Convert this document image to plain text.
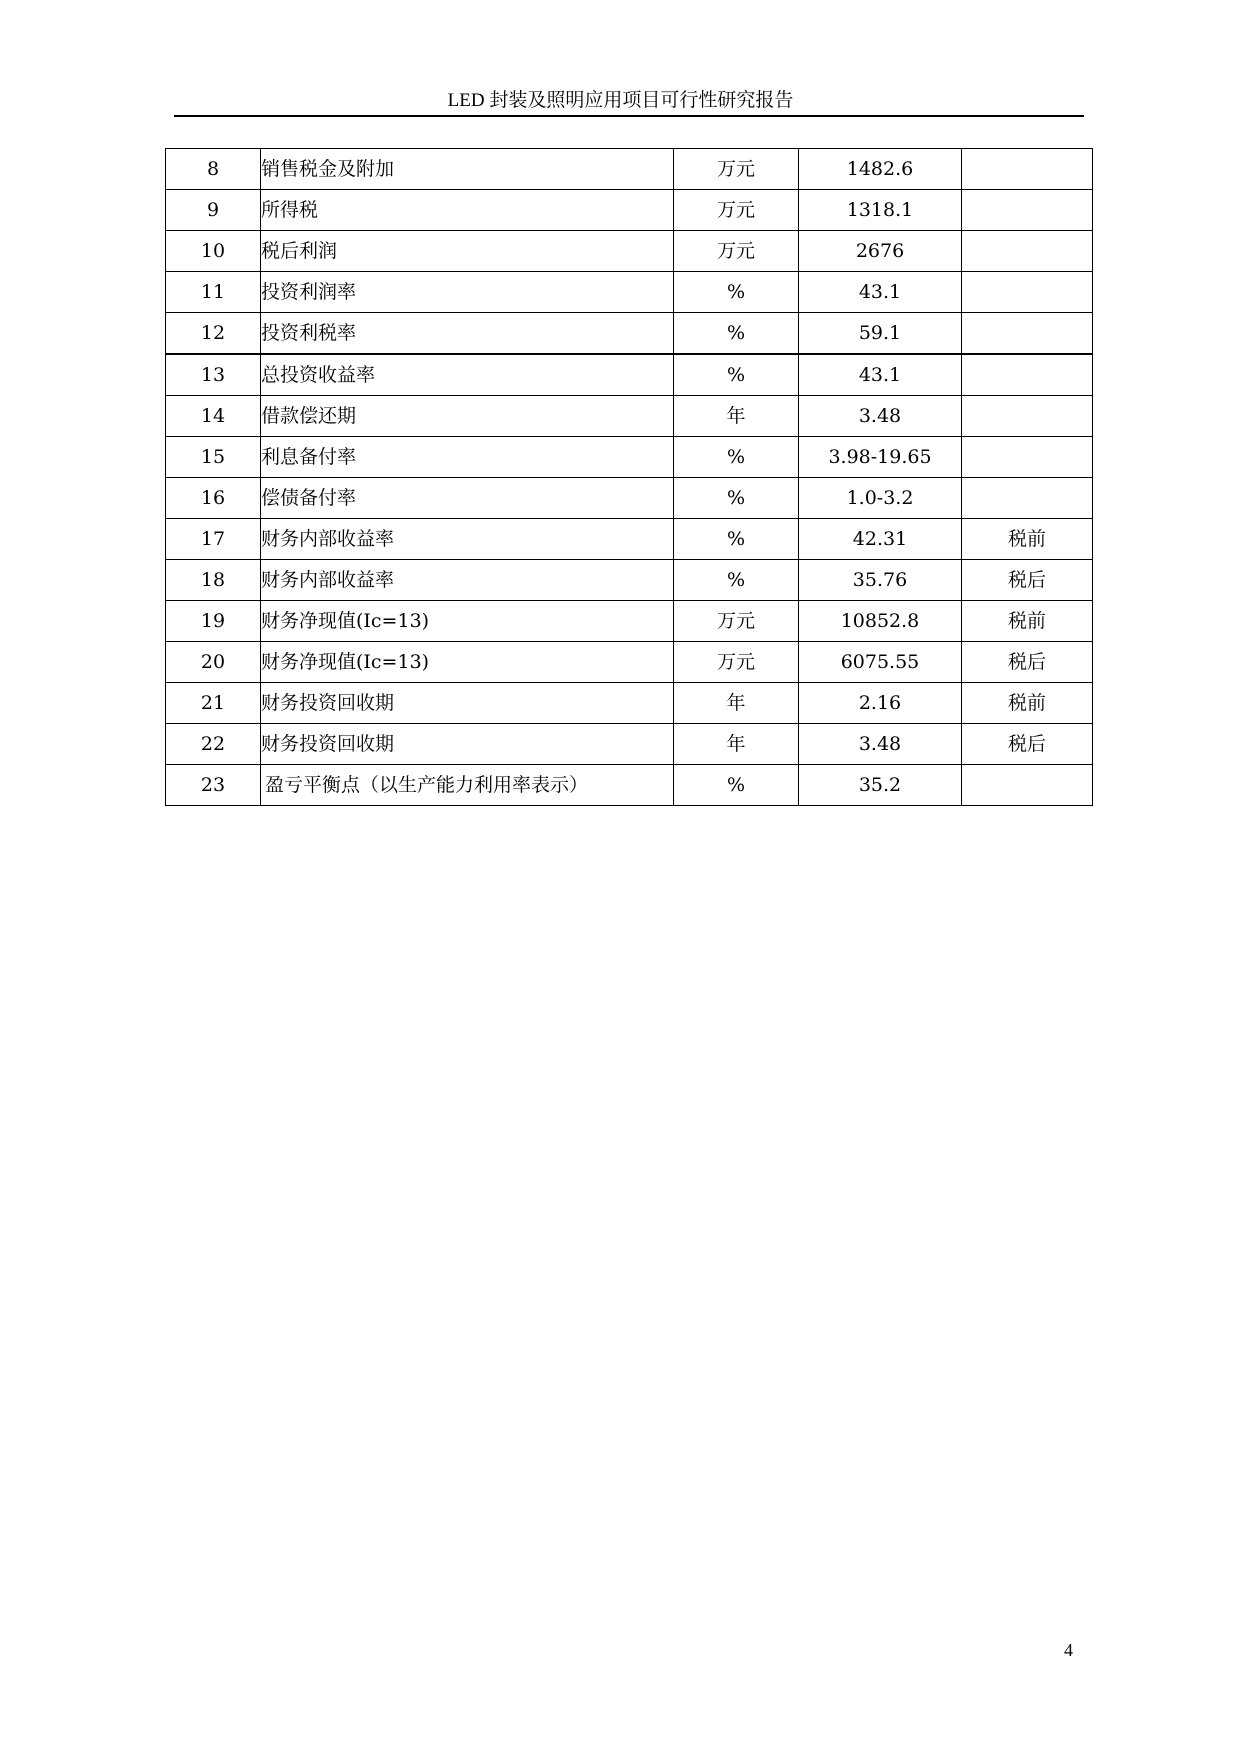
LED 封装及照明应用项目可行性研究报告
8	销售税金及附加	万元	1482.6	
9	所得税	万元	1318.1	
10	税后利润	万元	2676	
11	投资利润率	%	43.1	
12	投资利税率	%	59.1	
13	总投资收益率	%	43.1	
14	借款偿还期	年	3.48	
15	利息备付率	%	3.98-19.65	
16	偿债备付率	%	1.0-3.2	
17	财务内部收益率	%	42.31	税前
18	财务内部收益率	%	35.76	税后
19	财务净现值(Ic=13)	万元	10852.8	税前
20	财务净现值(Ic=13)	万元	6075.55	税后
21	财务投资回收期	年	2.16	税前
22	财务投资回收期	年	3.48	税后
23	盈亏平衡点（以生产能力利用率表示）	%	35.2	
4
